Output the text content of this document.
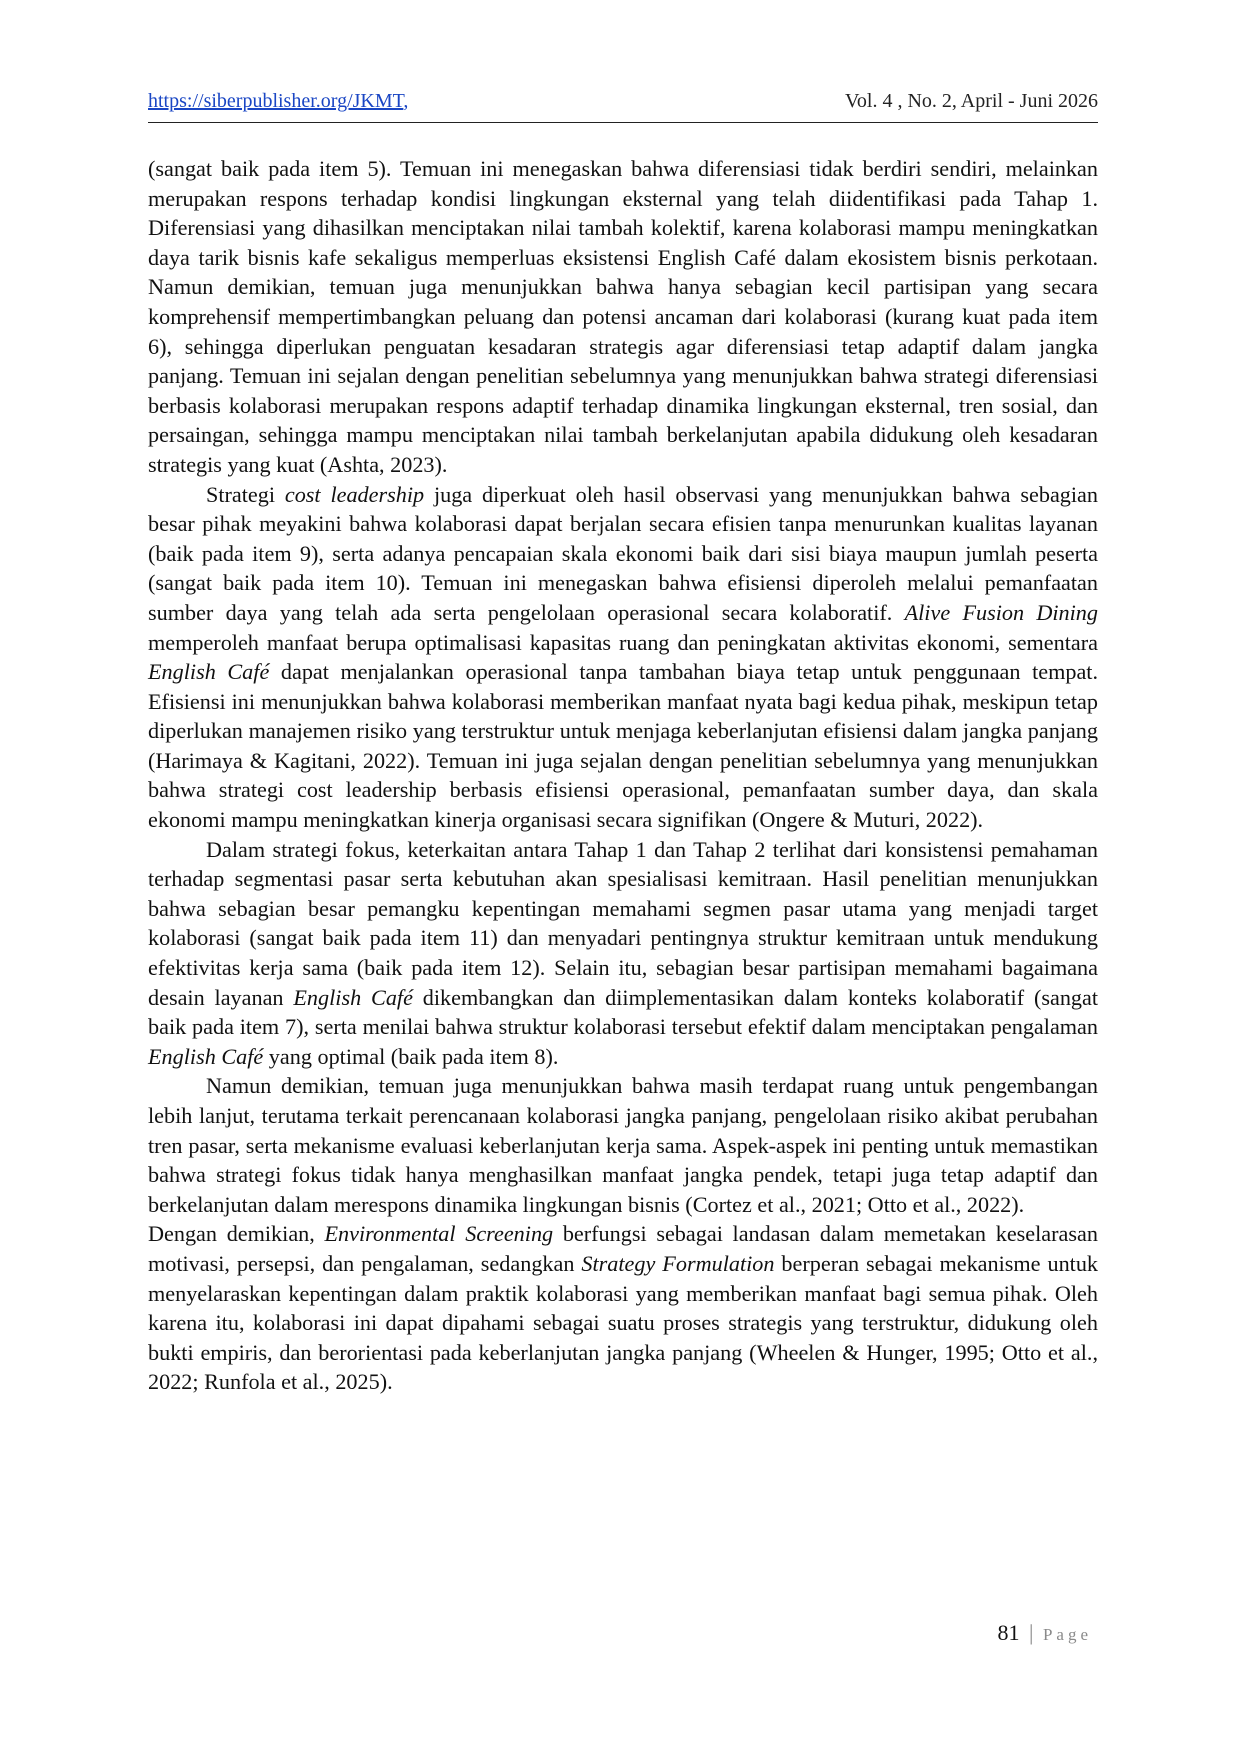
https://siberpublisher.org/JKMT,	Vol. 4 , No. 2, April - Juni 2026

(sangat baik pada item 5). Temuan ini menegaskan bahwa diferensiasi tidak berdiri sendiri, melainkan merupakan respons terhadap kondisi lingkungan eksternal yang telah diidentifikasi pada Tahap 1. Diferensiasi yang dihasilkan menciptakan nilai tambah kolektif, karena kolaborasi mampu meningkatkan daya tarik bisnis kafe sekaligus memperluas eksistensi English Café dalam ekosistem bisnis perkotaan. Namun demikian, temuan juga menunjukkan bahwa hanya sebagian kecil partisipan yang secara komprehensif mempertimbangkan peluang dan potensi ancaman dari kolaborasi (kurang kuat pada item 6), sehingga diperlukan penguatan kesadaran strategis agar diferensiasi tetap adaptif dalam jangka panjang. Temuan ini sejalan dengan penelitian sebelumnya yang menunjukkan bahwa strategi diferensiasi berbasis kolaborasi merupakan respons adaptif terhadap dinamika lingkungan eksternal, tren sosial, dan persaingan, sehingga mampu menciptakan nilai tambah berkelanjutan apabila didukung oleh kesadaran strategis yang kuat (Ashta, 2023).

Strategi cost leadership juga diperkuat oleh hasil observasi yang menunjukkan bahwa sebagian besar pihak meyakini bahwa kolaborasi dapat berjalan secara efisien tanpa menurunkan kualitas layanan (baik pada item 9), serta adanya pencapaian skala ekonomi baik dari sisi biaya maupun jumlah peserta (sangat baik pada item 10). Temuan ini menegaskan bahwa efisiensi diperoleh melalui pemanfaatan sumber daya yang telah ada serta pengelolaan operasional secara kolaboratif. Alive Fusion Dining memperoleh manfaat berupa optimalisasi kapasitas ruang dan peningkatan aktivitas ekonomi, sementara English Café dapat menjalankan operasional tanpa tambahan biaya tetap untuk penggunaan tempat. Efisiensi ini menunjukkan bahwa kolaborasi memberikan manfaat nyata bagi kedua pihak, meskipun tetap diperlukan manajemen risiko yang terstruktur untuk menjaga keberlanjutan efisiensi dalam jangka panjang (Harimaya & Kagitani, 2022). Temuan ini juga sejalan dengan penelitian sebelumnya yang menunjukkan bahwa strategi cost leadership berbasis efisiensi operasional, pemanfaatan sumber daya, dan skala ekonomi mampu meningkatkan kinerja organisasi secara signifikan (Ongere & Muturi, 2022).

Dalam strategi fokus, keterkaitan antara Tahap 1 dan Tahap 2 terlihat dari konsistensi pemahaman terhadap segmentasi pasar serta kebutuhan akan spesialisasi kemitraan. Hasil penelitian menunjukkan bahwa sebagian besar pemangku kepentingan memahami segmen pasar utama yang menjadi target kolaborasi (sangat baik pada item 11) dan menyadari pentingnya struktur kemitraan untuk mendukung efektivitas kerja sama (baik pada item 12). Selain itu, sebagian besar partisipan memahami bagaimana desain layanan English Café dikembangkan dan diimplementasikan dalam konteks kolaboratif (sangat baik pada item 7), serta menilai bahwa struktur kolaborasi tersebut efektif dalam menciptakan pengalaman English Café yang optimal (baik pada item 8).

Namun demikian, temuan juga menunjukkan bahwa masih terdapat ruang untuk pengembangan lebih lanjut, terutama terkait perencanaan kolaborasi jangka panjang, pengelolaan risiko akibat perubahan tren pasar, serta mekanisme evaluasi keberlanjutan kerja sama. Aspek-aspek ini penting untuk memastikan bahwa strategi fokus tidak hanya menghasilkan manfaat jangka pendek, tetapi juga tetap adaptif dan berkelanjutan dalam merespons dinamika lingkungan bisnis (Cortez et al., 2021; Otto et al., 2022).

Dengan demikian, Environmental Screening berfungsi sebagai landasan dalam memetakan keselarasan motivasi, persepsi, dan pengalaman, sedangkan Strategy Formulation berperan sebagai mekanisme untuk menyelaraskan kepentingan dalam praktik kolaborasi yang memberikan manfaat bagi semua pihak. Oleh karena itu, kolaborasi ini dapat dipahami sebagai suatu proses strategis yang terstruktur, didukung oleh bukti empiris, dan berorientasi pada keberlanjutan jangka panjang (Wheelen & Hunger, 1995; Otto et al., 2022; Runfola et al., 2025).

81 | Page
